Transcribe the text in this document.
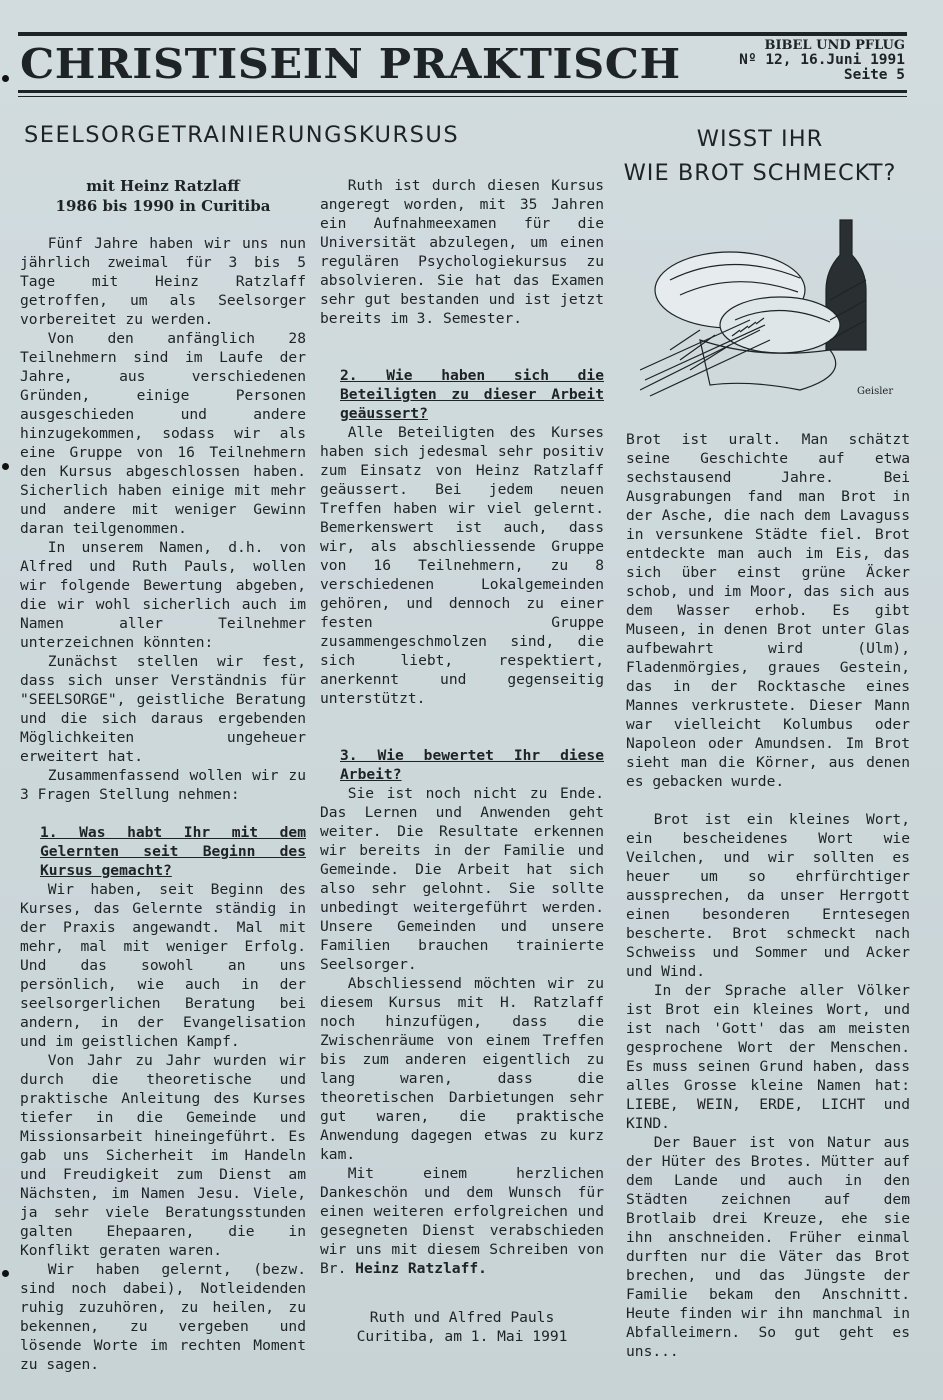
CHRISTISEIN PRAKTISCH	BIBEL UND PFLUG
Nº 12, 16.Juni 1991
Seite 5
SEELSORGETRAINIERUNGSKURSUS	WISST IHR
WIE BROT SCHMECKT?
mit Heinz Ratzlaff
1986 bis 1990 in Curitiba

Fünf Jahre haben wir uns nun jährlich zweimal für 3 bis 5 Tage mit Heinz Ratzlaff getroffen, um als Seelsorger vorbereitet zu werden.

Von den anfänglich 28 Teilnehmern sind im Laufe der Jahre, aus verschiedenen Gründen, einige Personen ausgeschieden und andere hinzugekommen, sodass wir als eine Gruppe von 16 Teilnehmern den Kursus abgeschlossen haben. Sicherlich haben einige mit mehr und andere mit weniger Gewinn daran teilgenommen.

In unserem Namen, d.h. von Alfred und Ruth Pauls, wollen wir folgende Bewertung abgeben, die wir wohl sicherlich auch im Namen aller Teilnehmer unterzeichnen könnten:

Zunächst stellen wir fest, dass sich unser Verständnis für "SEELSORGE", geistliche Beratung und die sich daraus ergebenden Möglichkeiten ungeheuer erweitert hat.

Zusammenfassend wollen wir zu 3 Fragen Stellung nehmen:

1. Was habt Ihr mit dem Gelernten seit Beginn des Kursus gemacht?

Wir haben, seit Beginn des Kurses, das Gelernte ständig in der Praxis angewandt. Mal mit mehr, mal mit weniger Erfolg. Und das sowohl an uns persönlich, wie auch in der seelsorgerlichen Beratung bei andern, in der Evangelisation und im geistlichen Kampf.

Von Jahr zu Jahr wurden wir durch die theoretische und praktische Anleitung des Kurses tiefer in die Gemeinde und Missionsarbeit hineingeführt. Es gab uns Sicherheit im Handeln und Freudigkeit zum Dienst am Nächsten, im Namen Jesu. Viele, ja sehr viele Beratungsstunden galten Ehepaaren, die in Konflikt geraten waren.

Wir haben gelernt, (bezw. sind noch dabei), Notleidenden ruhig zuzuhören, zu heilen, zu bekennen, zu vergeben und lösende Worte im rechten Moment zu sagen.

Ruth ist durch diesen Kursus angeregt worden, mit 35 Jahren ein Aufnahmeexamen für die Universität abzulegen, um einen regulären Psychologiekursus zu absolvieren. Sie hat das Examen sehr gut bestanden und ist jetzt bereits im 3. Semester.

2. Wie haben sich die Beteiligten zu dieser Arbeit geäussert?

Alle Beteiligten des Kurses haben sich jedesmal sehr positiv zum Einsatz von Heinz Ratzlaff geäussert. Bei jedem neuen Treffen haben wir viel gelernt. Bemerkenswert ist auch, dass wir, als abschliessende Gruppe von 16 Teilnehmern, zu 8 verschiedenen Lokalgemeinden gehören, und dennoch zu einer festen Gruppe zusammengeschmolzen sind, die sich liebt, respektiert, anerkennt und gegenseitig unterstützt.

3. Wie bewertet Ihr diese Arbeit?

Sie ist noch nicht zu Ende. Das Lernen und Anwenden geht weiter. Die Resultate erkennen wir bereits in der Familie und Gemeinde. Die Arbeit hat sich also sehr gelohnt. Sie sollte unbedingt weitergeführt werden. Unsere Gemeinden und unsere Familien brauchen trainierte Seelsorger.

Abschliessend möchten wir zu diesem Kursus mit H. Ratzlaff noch hinzufügen, dass die Zwischenräume von einem Treffen bis zum anderen eigentlich zu lang waren, dass die theoretischen Darbietungen sehr gut waren, die praktische Anwendung dagegen etwas zu kurz kam.

Mit einem herzlichen Dankeschön und dem Wunsch für einen weiteren erfolgreichen und gesegneten Dienst verabschieden wir uns mit diesem Schreiben von Br. Heinz Ratzlaff.

Ruth und Alfred Pauls
Curitiba, am 1. Mai 1991
Geisler

Brot ist uralt. Man schätzt seine Geschichte auf etwa sechstausend Jahre. Bei Ausgrabungen fand man Brot in der Asche, die nach dem Lavaguss in versunkene Städte fiel. Brot entdeckte man auch im Eis, das sich über einst grüne Äcker schob, und im Moor, das sich aus dem Wasser erhob. Es gibt Museen, in denen Brot unter Glas aufbewahrt wird (Ulm), Fladenmörgies, graues Gestein, das in der Rocktasche eines Mannes verkrustete. Dieser Mann war vielleicht Kolumbus oder Napoleon oder Amundsen. Im Brot sieht man die Körner, aus denen es gebacken wurde.

Brot ist ein kleines Wort, ein bescheidenes Wort wie Veilchen, und wir sollten es heuer um so ehrfürchtiger aussprechen, da unser Herrgott einen besonderen Erntesegen bescherte. Brot schmeckt nach Schweiss und Sommer und Acker und Wind.

In der Sprache aller Völker ist Brot ein kleines Wort, und ist nach 'Gott' das am meisten gesprochene Wort der Menschen. Es muss seinen Grund haben, dass alles Grosse kleine Namen hat: LIEBE, WEIN, ERDE, LICHT und KIND.

Der Bauer ist von Natur aus der Hüter des Brotes. Mütter auf dem Lande und auch in den Städten zeichnen auf dem Brotlaib drei Kreuze, ehe sie ihn anschneiden. Früher einmal durften nur die Väter das Brot brechen, und das Jüngste der Familie bekam den Anschnitt. Heute finden wir ihn manchmal in Abfalleimern. So gut geht es uns...
